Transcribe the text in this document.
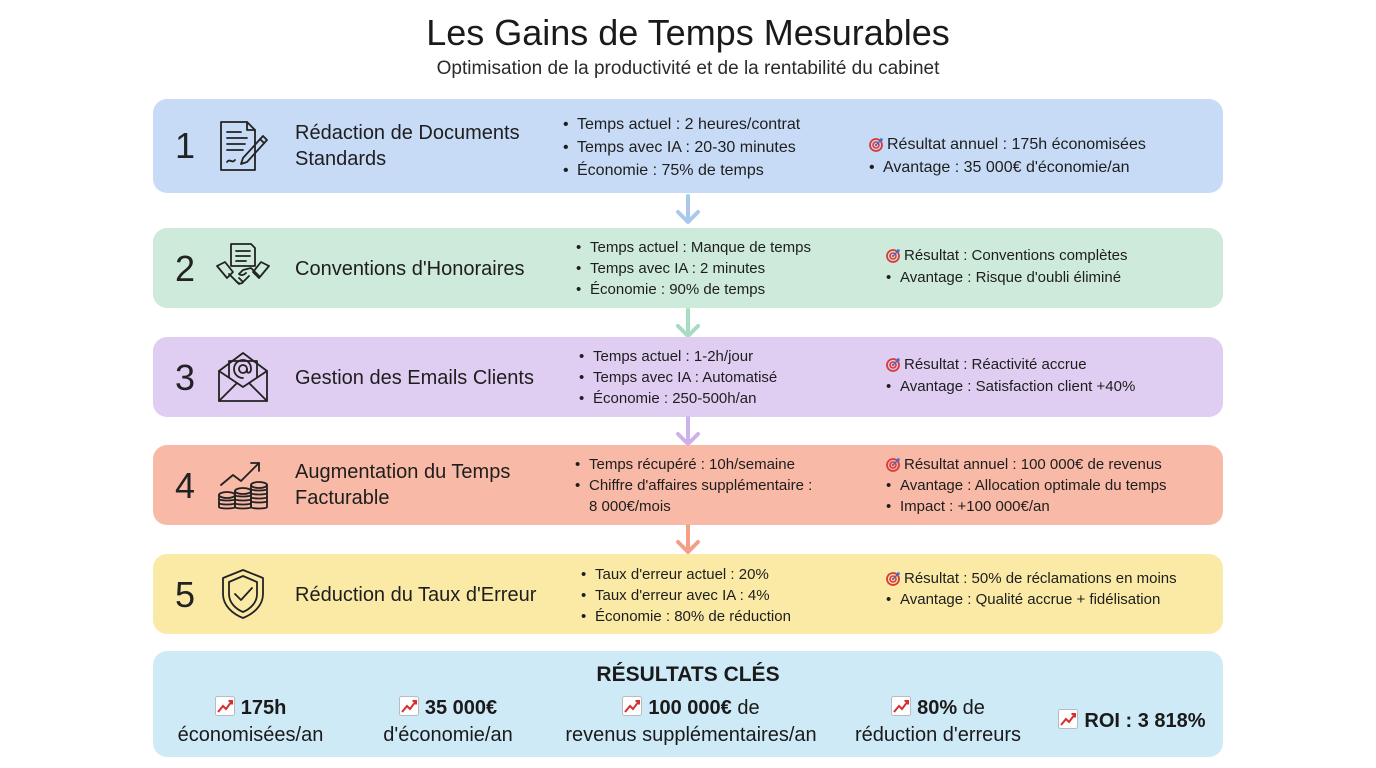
Les Gains de Temps Mesurables
Optimisation de la productivité et de la rentabilité du cabinet
1	Rédaction de Documents Standards
• Temps actuel : 2 heures/contrat
• Temps avec IA : 20-30 minutes
• Économie : 75% de temps
Résultat annuel : 175h économisées
• Avantage : 35 000€ d'économie/an
2	Conventions d'Honoraires
• Temps actuel : Manque de temps
• Temps avec IA : 2 minutes
• Économie : 90% de temps
Résultat : Conventions complètes
• Avantage : Risque d'oubli éliminé
3	Gestion des Emails Clients
• Temps actuel : 1-2h/jour
• Temps avec IA : Automatisé
• Économie : 250-500h/an
Résultat : Réactivité accrue
• Avantage : Satisfaction client +40%
4	Augmentation du Temps Facturable
• Temps récupéré : 10h/semaine
• Chiffre d'affaires supplémentaire :
8 000€/mois
Résultat annuel : 100 000€ de revenus
• Avantage : Allocation optimale du temps
• Impact : +100 000€/an
5	Réduction du Taux d'Erreur
• Taux d'erreur actuel : 20%
• Taux d'erreur avec IA : 4%
• Économie : 80% de réduction
Résultat : 50% de réclamations en moins
• Avantage : Qualité accrue + fidélisation
RÉSULTATS CLÉS
175h
économisées/an
35 000€
d'économie/an
100 000€ de
revenus supplémentaires/an
80% de
réduction d'erreurs
ROI : 3 818%
